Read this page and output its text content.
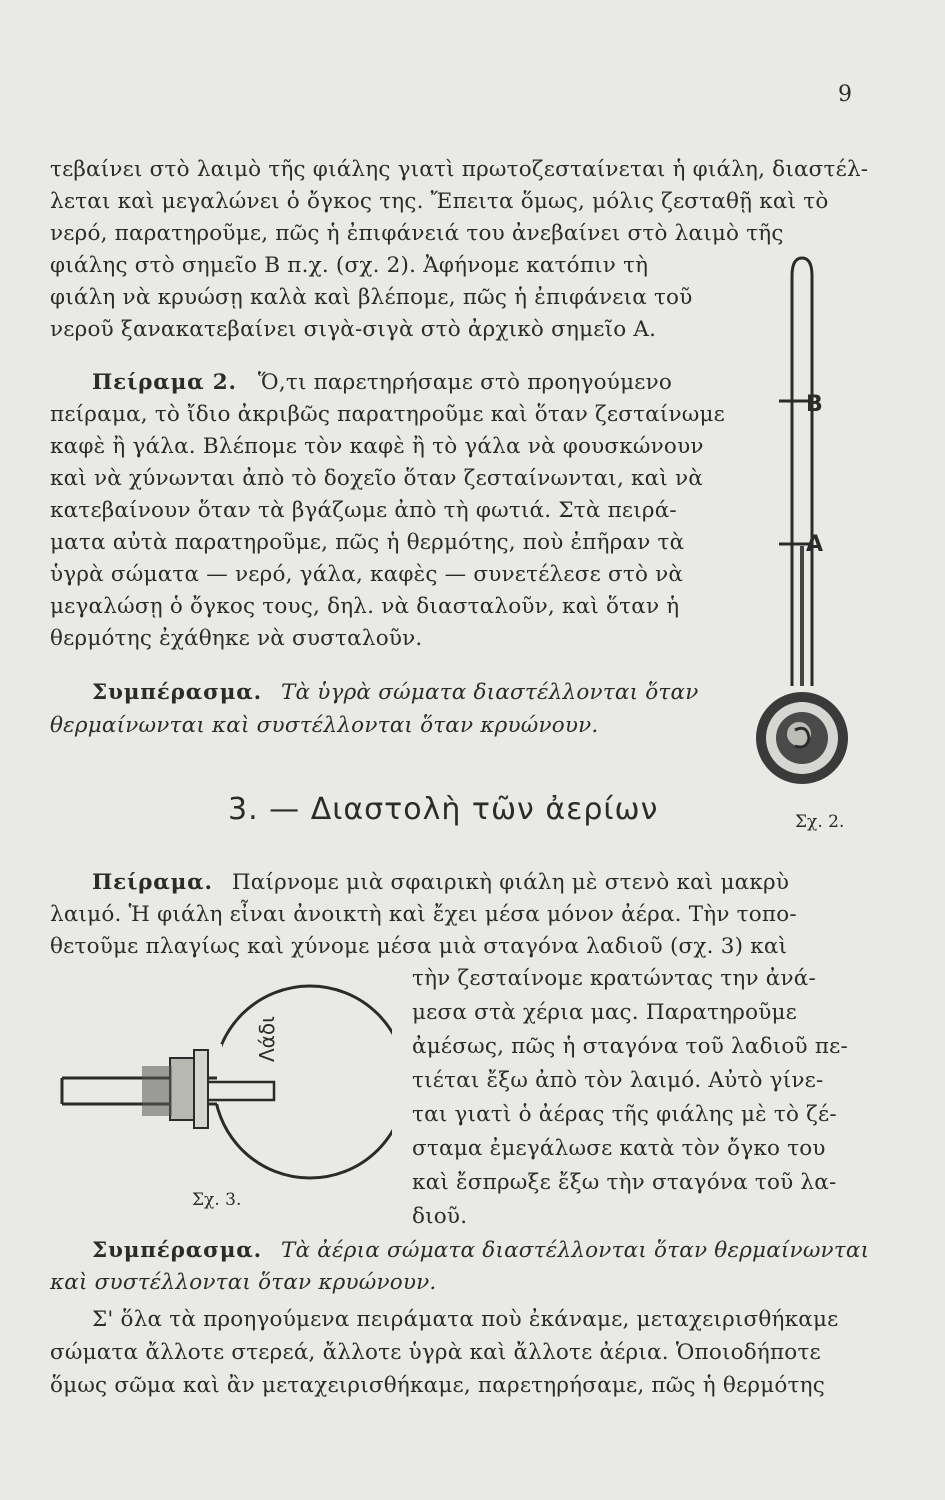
9
τεβαίνει στὸ λαιμὸ τῆς φιάλης γιατὶ πρωτοζεσταίνεται ἡ φιάλη, διαστέλ-
λεται καὶ μεγαλώνει ὁ ὄγκος της. Ἔπειτα ὅμως, μόλις ζεσταθῇ καὶ τὸ
νερό, παρατηροῦμε, πῶς ἡ ἐπιφάνειά του ἀνεβαίνει στὸ λαιμὸ τῆς
φιάλης στὸ σημεῖο Β π.χ. (σχ. 2). Ἀφήνομε κατόπιν τὴ
φιάλη νὰ κρυώσῃ καλὰ καὶ βλέπομε, πῶς ἡ ἐπιφάνεια τοῦ
νεροῦ ξανακατεβαίνει σιγὰ-σιγὰ στὸ ἀρχικὸ σημεῖο Α.
Πείραμα 2. Ὅ,τι παρετηρήσαμε στὸ προηγούμενο
πείραμα, τὸ ἴδιο ἀκριβῶς παρατηροῦμε καὶ ὅταν ζεσταίνωμε
καφὲ ἢ γάλα. Βλέπομε τὸν καφὲ ἢ τὸ γάλα νὰ φουσκώνουν
καὶ νὰ χύνωνται ἀπὸ τὸ δοχεῖο ὅταν ζεσταίνωνται, καὶ νὰ
κατεβαίνουν ὅταν τὰ βγάζωμε ἀπὸ τὴ φωτιά. Στὰ πειρά-
ματα αὐτὰ παρατηροῦμε, πῶς ἡ θερμότης, ποὺ ἐπῆραν τὰ
ὑγρὰ σώματα — νερό, γάλα, καφὲς — συνετέλεσε στὸ νὰ
μεγαλώσῃ ὁ ὄγκος τους, δηλ. νὰ διασταλοῦν, καὶ ὅταν ἡ
θερμότης ἐχάθηκε νὰ συσταλοῦν.
Συμπέρασμα. Τὰ ὑγρὰ σώματα διαστέλλονται ὅταν
θερμαίνωνται καὶ συστέλλονται ὅταν κρυώνουν.
B
A
Σχ. 2.
3. — Διαστολὴ τῶν ἀερίων
Πείραμα. Παίρνομε μιὰ σφαιρικὴ φιάλη μὲ στενὸ καὶ μακρὺ
λαιμό. Ἡ φιάλη εἶναι ἀνοικτὴ καὶ ἔχει μέσα μόνον ἀέρα. Τὴν τοπο-
θετοῦμε πλαγίως καὶ χύνομε μέσα μιὰ σταγόνα λαδιοῦ (σχ. 3) καὶ
τὴν ζεσταίνομε κρατώντας την ἀνά-
μεσα στὰ χέρια μας. Παρατηροῦμε
ἀμέσως, πῶς ἡ σταγόνα τοῦ λαδιοῦ πε-
τιέται ἔξω ἀπὸ τὸν λαιμό. Αὐτὸ γίνε-
ται γιατὶ ὁ ἀέρας τῆς φιάλης μὲ τὸ ζέ-
σταμα ἐμεγάλωσε κατὰ τὸν ὄγκο του
καὶ ἔσπρωξε ἔξω τὴν σταγόνα τοῦ λα-
διοῦ.
Λάδι
Σχ. 3.
Συμπέρασμα. Τὰ ἀέρια σώματα διαστέλλονται ὅταν θερμαίνωνται
καὶ συστέλλονται ὅταν κρυώνουν.
Σ' ὅλα τὰ προηγούμενα πειράματα ποὺ ἐκάναμε, μεταχειρισθήκαμε
σώματα ἄλλοτε στερεά, ἄλλοτε ὑγρὰ καὶ ἄλλοτε ἀέρια. Ὁποιοδήποτε
ὅμως σῶμα καὶ ἂν μεταχειρισθήκαμε, παρετηρήσαμε, πῶς ἡ θερμότης
